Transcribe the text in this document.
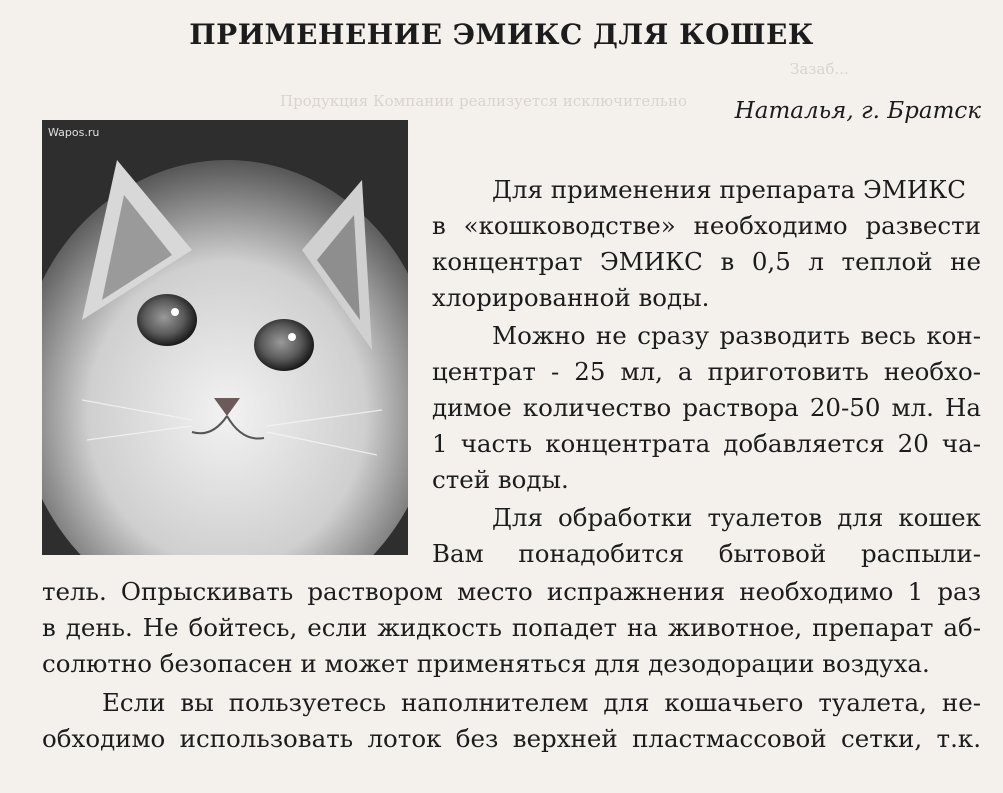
Зазаб...
Продукция Компании реализуется исключительно
ПРИМЕНЕНИЕ ЭМИКС ДЛЯ КОШЕК
Наталья, г. Братск
Wapos.ru
Для применения препарата ЭМИКС
в «кошководстве» необходимо развести
концентрат ЭМИКС в 0,5 л теплой не
хлорированной воды.
Можно не сразу разводить весь кон-
центрат - 25 мл, а приготовить необхо-
димое количество раствора 20-50 мл. На
1 часть концентрата добавляется 20 ча-
стей воды.
Для обработки туалетов для кошек
Вам понадобится бытовой распыли-
тель. Опрыскивать раствором место испражнения необходимо 1 раз
в день. Не бойтесь, если жидкость попадет на животное, препарат аб-
солютно безопасен и может применяться для дезодорации воздуха.
Если вы пользуетесь наполнителем для кошачьего туалета, не-
обходимо использовать лоток без верхней пластмассовой сетки, т.к.
